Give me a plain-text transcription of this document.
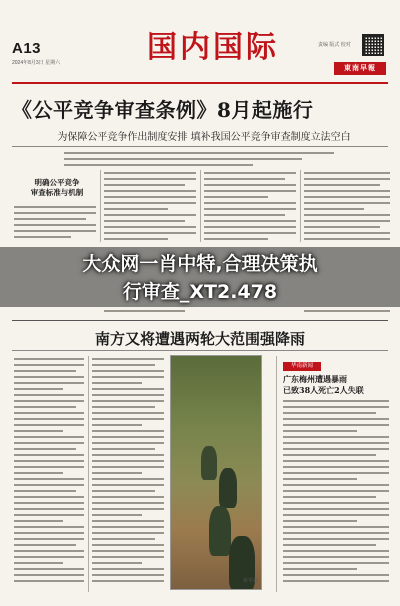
A13
2024年8月3日 星期六	国内国际	责编 版式 校对
東南早報
《公平竞争审查条例》8月起施行
为保障公平竞争作出制度安排 填补我国公平竞争审查制度立法空白
明确公平竞争
审查标准与机制
大众网一肖中特,合理决策执
行审查_XT2.478
南方又将遭遇两轮大范围强降雨
新华社
华南新闻
广东梅州遭遇暴雨
已致38人死亡2人失联
